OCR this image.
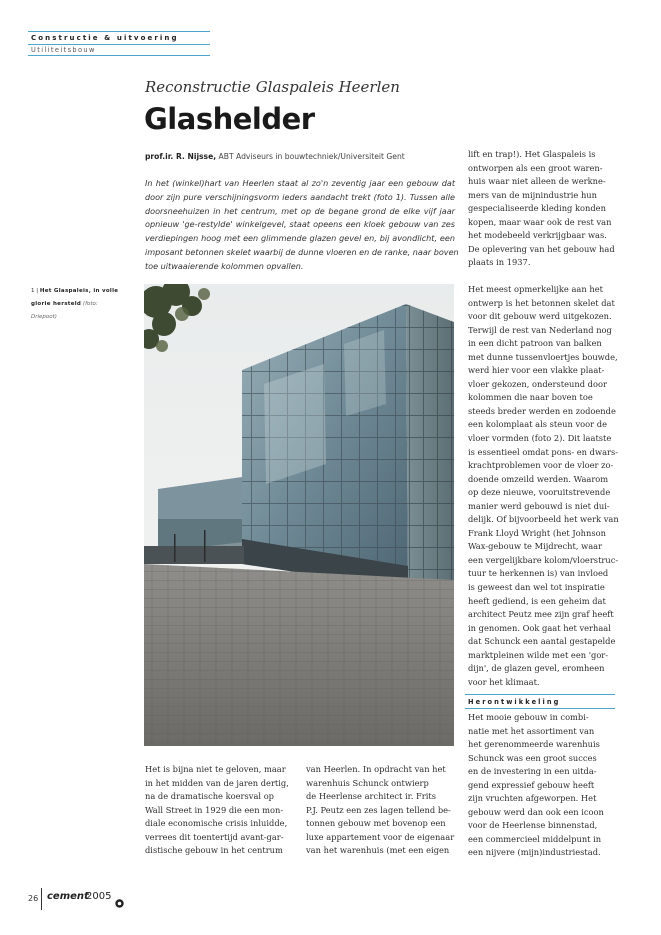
Constructie & uitvoering
Utiliteitsbouw
Reconstructie Glaspaleis Heerlen
Glashelder
prof.ir. R. Nijsse, ABT Adviseurs in bouwtechniek/Universiteit Gent
In het (winkel)hart van Heerlen staat al zo'n zeventig jaar een gebouw dat
door zijn pure verschijningsvorm ieders aandacht trekt (foto 1). Tussen alle
doorsneehuizen in het centrum, met op de begane grond de elke vijf jaar
opnieuw 'ge-restylde' winkelgevel, staat opeens een kloek gebouw van zes
verdiepingen hoog met een glimmende glazen gevel en, bij avondlicht, een
imposant betonnen skelet waarbij de dunne vloeren en de ranke, naar boven
toe uitwaaierende kolommen opvallen.
1 | Het Glaspaleis, in volle
glorie hersteld (foto:
Driepoot)

Het is bijna niet te geloven, maar

in het midden van de jaren dertig,

na de dramatische koersval op

Wall Street in 1929 die een mon-

diale economische crisis inluidde,

verrees dit toentertijd avant-gar-

distische gebouw in het centrum

van Heerlen. In opdracht van het

warenhuis Schunck ontwierp

de Heerlense architect ir. Frits

P.J. Peutz een zes lagen tellend be-

tonnen gebouw met bovenop een

luxe appartement voor de eigenaar

van het warenhuis (met een eigen

lift en trap!). Het Glaspaleis is

ontworpen als een groot waren-

huis waar niet alleen de werkne-

mers van de mijnindustrie hun

gespecialiseerde kleding konden

kopen, maar waar ook de rest van

het modebeeld verkrijgbaar was.

De oplevering van het gebouw had

plaats in 1937.

Het meest opmerkelijke aan het

ontwerp is het betonnen skelet dat

voor dit gebouw werd uitgekozen.

Terwijl de rest van Nederland nog

in een dicht patroon van balken

met dunne tussenvloertjes bouwde,

werd hier voor een vlakke plaat-

vloer gekozen, ondersteund door

kolommen die naar boven toe

steeds breder werden en zodoende

een kolomplaat als steun voor de

vloer vormden (foto 2). Dit laatste

is essentieel omdat pons- en dwars-

krachtproblemen voor de vloer zo-

doende omzeild werden. Waarom

op deze nieuwe, vooruitstrevende

manier werd gebouwd is niet dui-

delijk. Of bijvoorbeeld het werk van

Frank Lloyd Wright (het Johnson

Wax-gebouw te Mijdrecht, waar

een vergelijkbare kolom/vloerstruc-

tuur te herkennen is) van invloed

is geweest dan wel tot inspiratie

heeft gediend, is een geheim dat

architect Peutz mee zijn graf heeft

in genomen. Ook gaat het verhaal

dat Schunck een aantal gestapelde

marktpleinen wilde met een 'gor-

dijn', de glazen gevel, eromheen

voor het klimaat.

Herontwikkeling

Het mooie gebouw in combi-

natie met het assortiment van

het gerenommeerde warenhuis

Schunck was een groot succes

en de investering in een uitda-

gend expressief gebouw heeft

zijn vruchten afgeworpen. Het

gebouw werd dan ook een icoon

voor de Heerlense binnenstad,

een commercieel middelpunt in

een nijvere (mijn)industriestad.

26 cement
2005
